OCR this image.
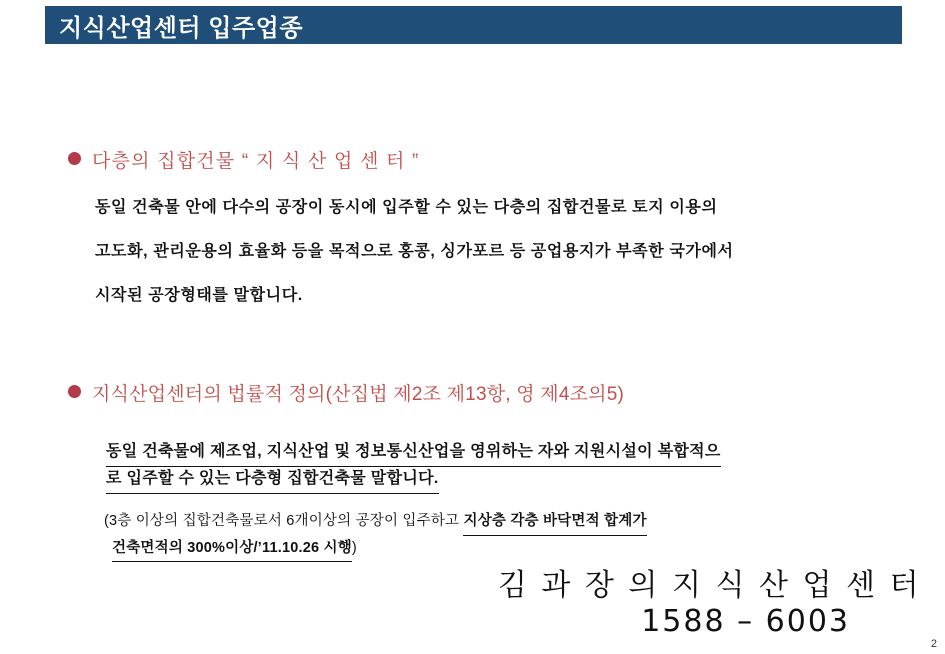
지식산업센터 입주업종
다층의 집합건물 “ 지 식 산 업 센 터 ”
동일 건축물 안에 다수의 공장이 동시에 입주할 수 있는 다층의 집합건물로 토지 이용의
고도화, 관리운용의 효율화 등을 목적으로 홍콩, 싱가포르 등 공업용지가 부족한 국가에서
시작된 공장형태를 말합니다.
지식산업센터의 법률적 정의(산집법 제2조 제13항, 영 제4조의5)
동일 건축물에 제조업, 지식산업 및 정보통신산업을 영위하는 자와 지원시설이 복합적으
로 입주할 수 있는 다층형 집합건축물 말합니다.
(3층 이상의 집합건축물로서 6개이상의 공장이 입주하고 지상층 각층 바닥면적 합계가
건축면적의 300%이상/’11.10.26 시행)
김 과 장 의 지 식 산 업 센 터
1588 – 6003
2
